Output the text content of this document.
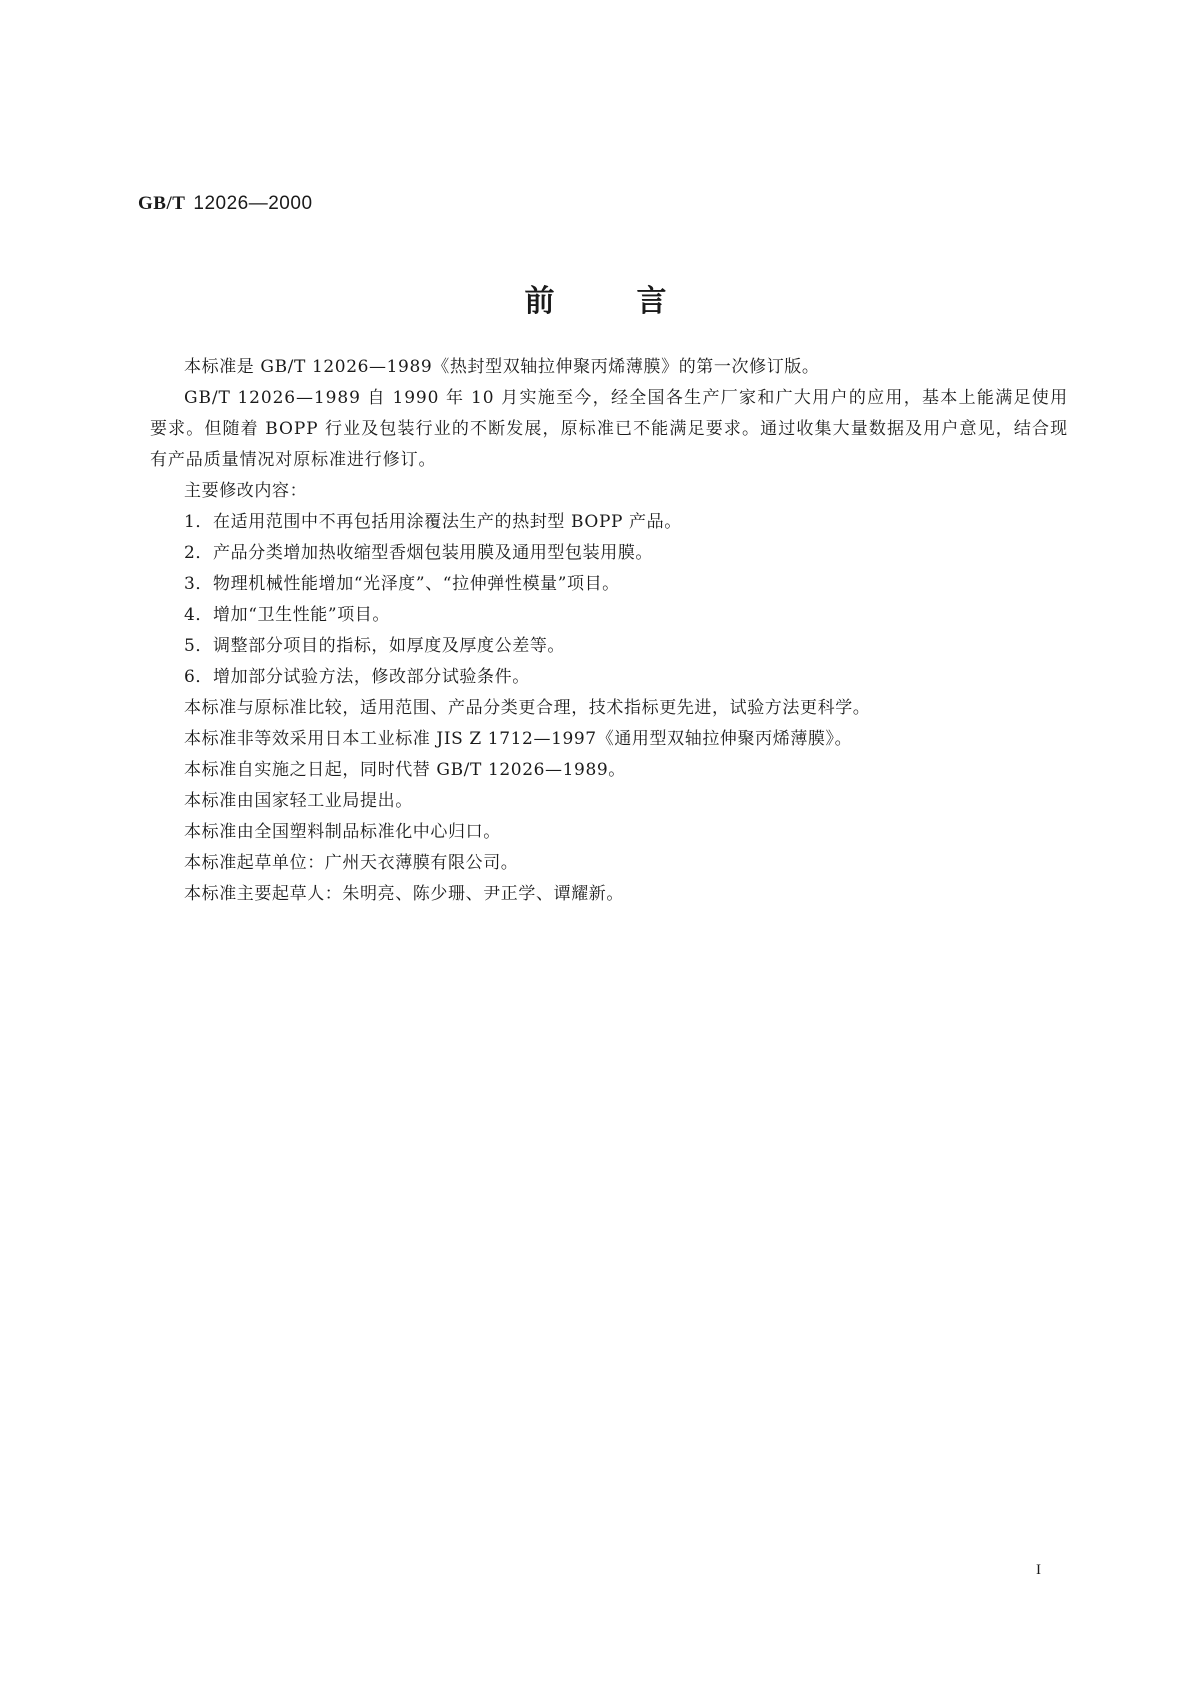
GB/T 12026—2000
前言

本标准是 GB/T 12026—1989《热封型双轴拉伸聚丙烯薄膜》的第一次修订版。

GB/T 12026—1989 自 1990 年 10 月实施至今，经全国各生产厂家和广大用户的应用，基本上能满足使用要求。但随着 BOPP 行业及包装行业的不断发展，原标准已不能满足要求。通过收集大量数据及用户意见，结合现有产品质量情况对原标准进行修订。

主要修改内容：

1．在适用范围中不再包括用涂覆法生产的热封型 BOPP 产品。

2．产品分类增加热收缩型香烟包装用膜及通用型包装用膜。

3．物理机械性能增加“光泽度”、“拉伸弹性模量”项目。

4．增加“卫生性能”项目。

5．调整部分项目的指标，如厚度及厚度公差等。

6．增加部分试验方法，修改部分试验条件。

本标准与原标准比较，适用范围、产品分类更合理，技术指标更先进，试验方法更科学。

本标准非等效采用日本工业标准 JIS Z 1712—1997《通用型双轴拉伸聚丙烯薄膜》。

本标准自实施之日起，同时代替 GB/T 12026—1989。

本标准由国家轻工业局提出。

本标准由全国塑料制品标准化中心归口。

本标准起草单位：广州天衣薄膜有限公司。

本标准主要起草人：朱明亮、陈少珊、尹正学、谭耀新。

I
